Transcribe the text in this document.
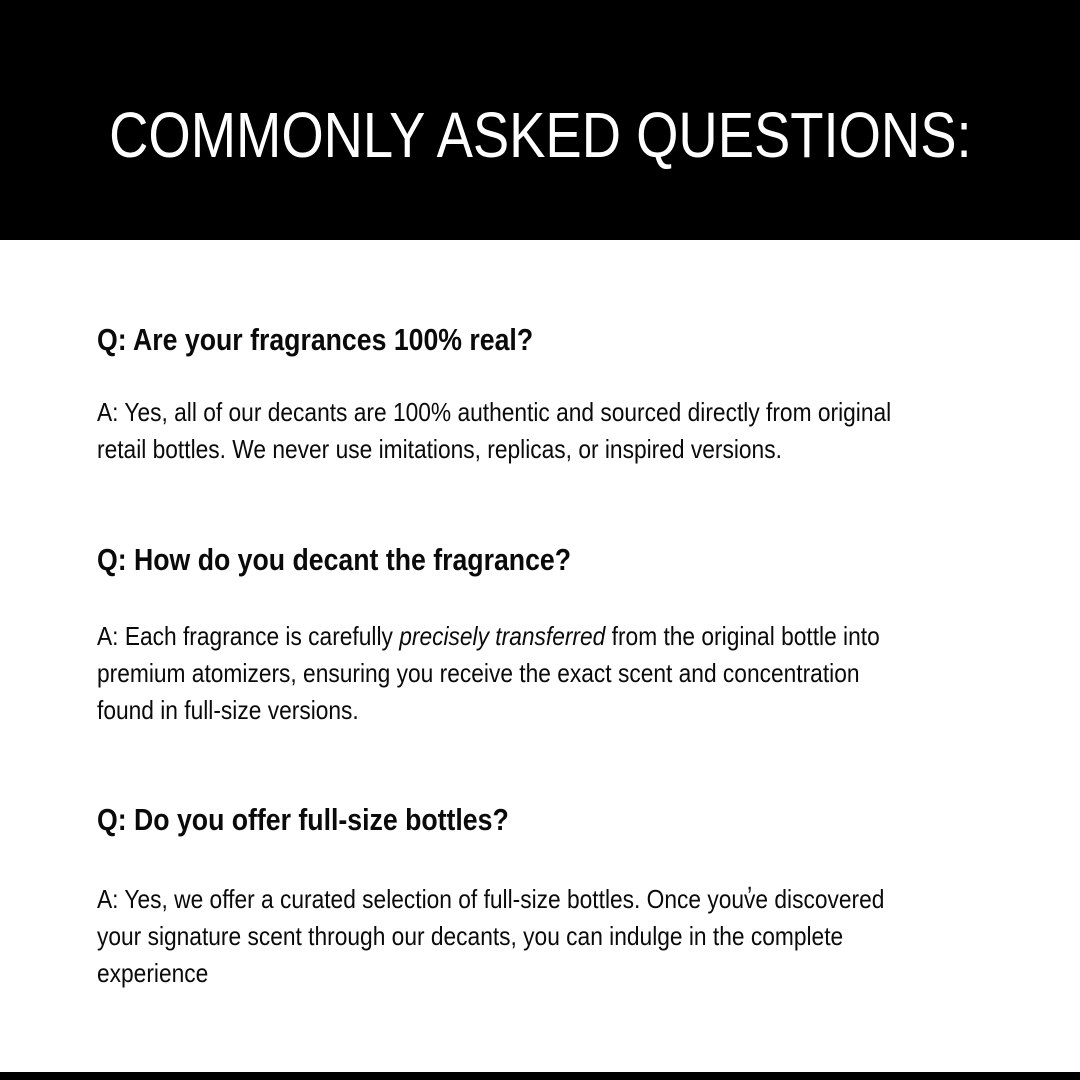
COMMONLY ASKED QUESTIONS:
Q: Are your fragrances 100% real?
A: Yes, all of our decants are 100% authentic and sourced directly from original
retail bottles. We never use imitations, replicas, or inspired versions.
Q: How do you decant the fragrance?
A: Each fragrance is carefully precisely transferred from the original bottle into
premium atomizers, ensuring you receive the exact scent and concentration
found in full-size versions.
Q: Do you offer full-size bottles?
A: Yes, we offer a curated selection of full-size bottles. Once youv̓e discovered
your signature scent through our decants, you can indulge in the complete
experience
